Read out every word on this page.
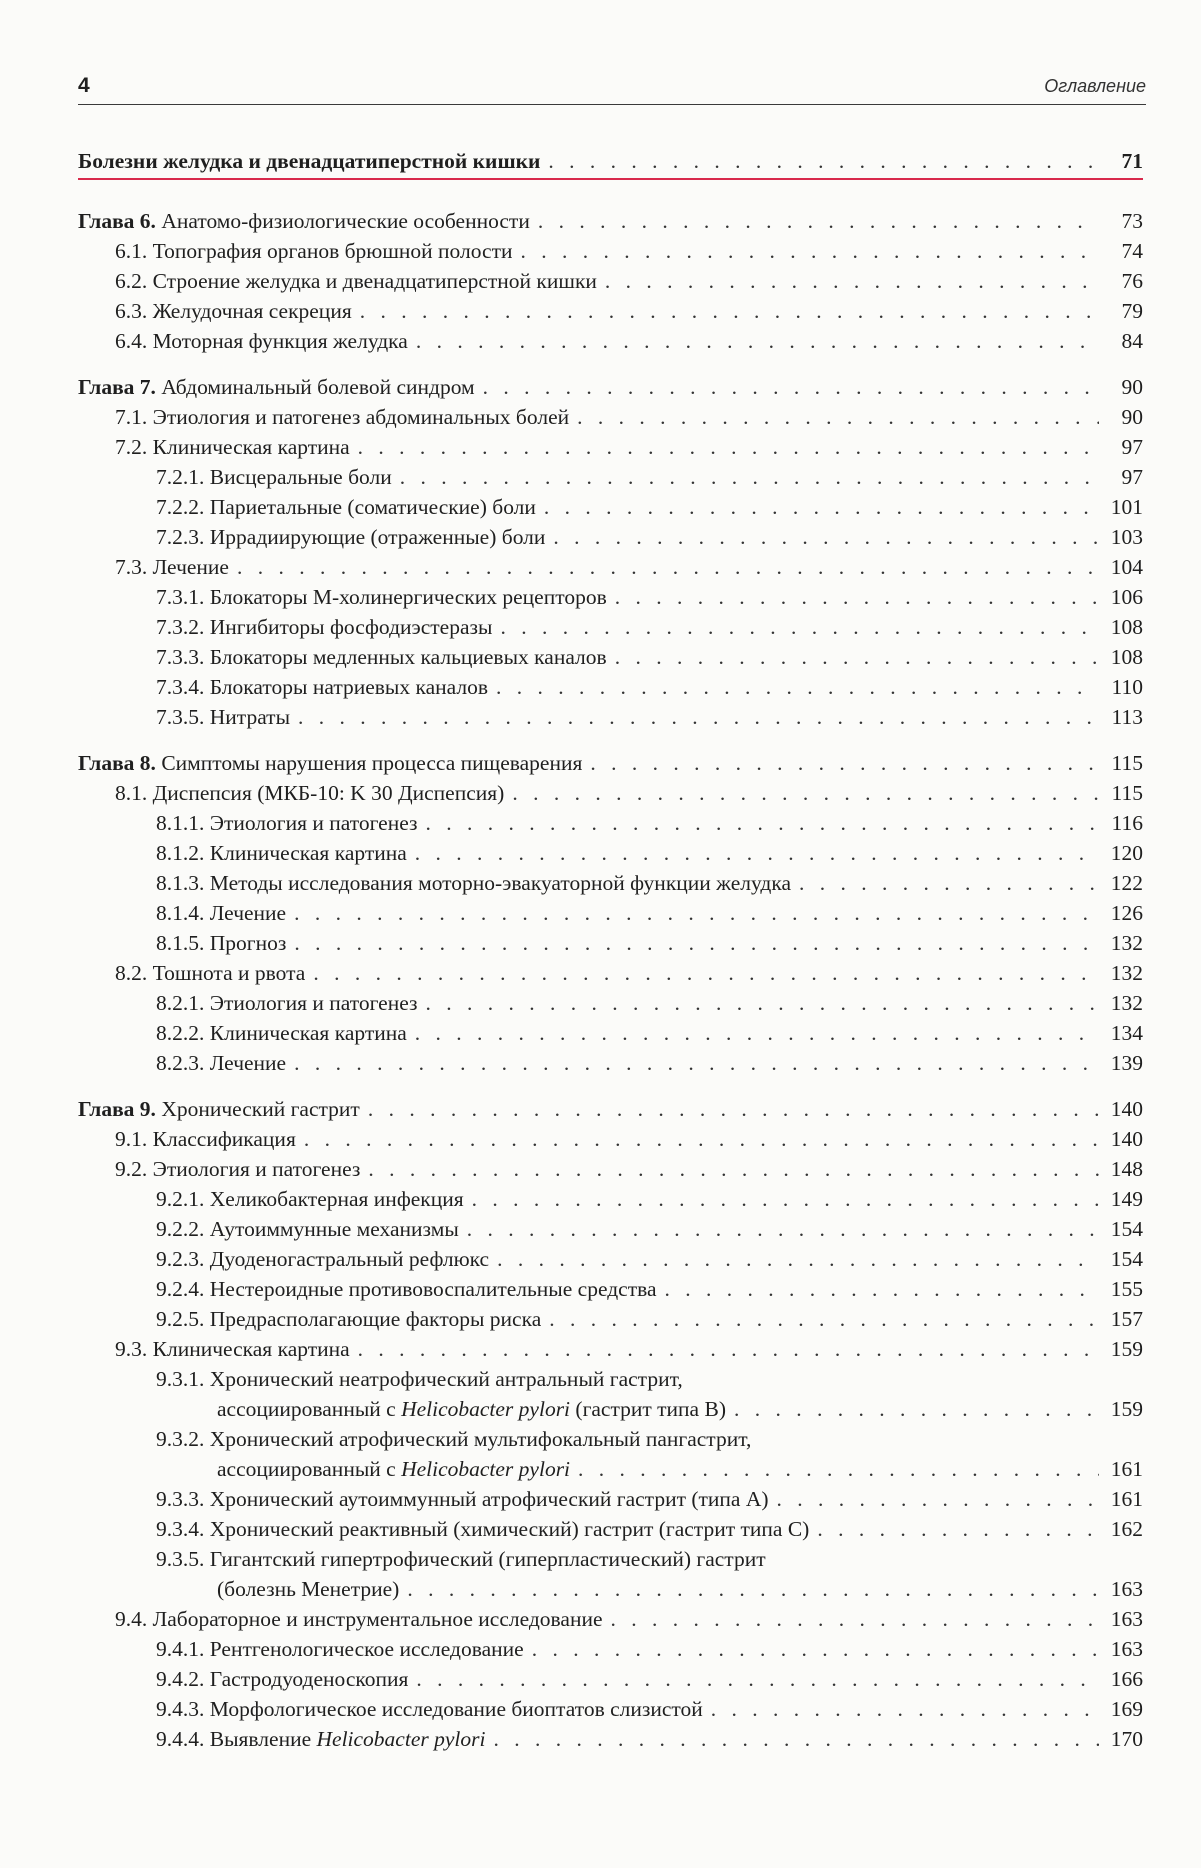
4	Оглавление
Болезни желудка и двенадцатиперстной кишки . . .	71
Глава 6. Анатомо-физиологические особенности . . .	73
6.1. Топография органов брюшной полости . . .	74
6.2. Строение желудка и двенадцатиперстной кишки . . .	76
6.3. Желудочная секреция . . .	79
6.4. Моторная функция желудка . . .	84
Глава 7. Абдоминальный болевой синдром . . .	90
7.1. Этиология и патогенез абдоминальных болей . . .	90
7.2. Клиническая картина . . .	97
7.2.1. Висцеральные боли . . .	97
7.2.2. Париетальные (соматические) боли . . .	101
7.2.3. Иррадиирующие (отраженные) боли . . .	103
7.3. Лечение . . .	104
7.3.1. Блокаторы М-холинергических рецепторов . . .	106
7.3.2. Ингибиторы фосфодиэстеразы . . .	108
7.3.3. Блокаторы медленных кальциевых каналов . . .	108
7.3.4. Блокаторы натриевых каналов . . .	110
7.3.5. Нитраты . . .	113
Глава 8. Симптомы нарушения процесса пищеварения . . .	115
8.1. Диспепсия (МКБ-10: K 30 Диспепсия) . . .	115
8.1.1. Этиология и патогенез . . .	116
8.1.2. Клиническая картина . . .	120
8.1.3. Методы исследования моторно-эвакуаторной функции желудка . . .	122
8.1.4. Лечение . . .	126
8.1.5. Прогноз . . .	132
8.2. Тошнота и рвота . . .	132
8.2.1. Этиология и патогенез . . .	132
8.2.2. Клиническая картина . . .	134
8.2.3. Лечение . . .	139
Глава 9. Хронический гастрит . . .	140
9.1. Классификация . . .	140
9.2. Этиология и патогенез . . .	148
9.2.1. Хеликобактерная инфекция . . .	149
9.2.2. Аутоиммунные механизмы . . .	154
9.2.3. Дуоденогастральный рефлюкс . . .	154
9.2.4. Нестероидные противовоспалительные средства . . .	155
9.2.5. Предрасполагающие факторы риска . . .	157
9.3. Клиническая картина . . .	159
9.3.1. Хронический неатрофический антральный гастрит,
ассоциированный с Helicobacter pylori (гастрит типа В) . . .	159
9.3.2. Хронический атрофический мультифокальный пангастрит,
ассоциированный с Helicobacter pylori . . .	161
9.3.3. Хронический аутоиммунный атрофический гастрит (типа А) . . .	161
9.3.4. Хронический реактивный (химический) гастрит (гастрит типа С) . . .	162
9.3.5. Гигантский гипертрофический (гиперпластический) гастрит
(болезнь Менетрие) . . .	163
9.4. Лабораторное и инструментальное исследование . . .	163
9.4.1. Рентгенологическое исследование . . .	163
9.4.2. Гастродуоденоскопия . . .	166
9.4.3. Морфологическое исследование биоптатов слизистой . . .	169
9.4.4. Выявление Helicobacter pylori . . .	170
